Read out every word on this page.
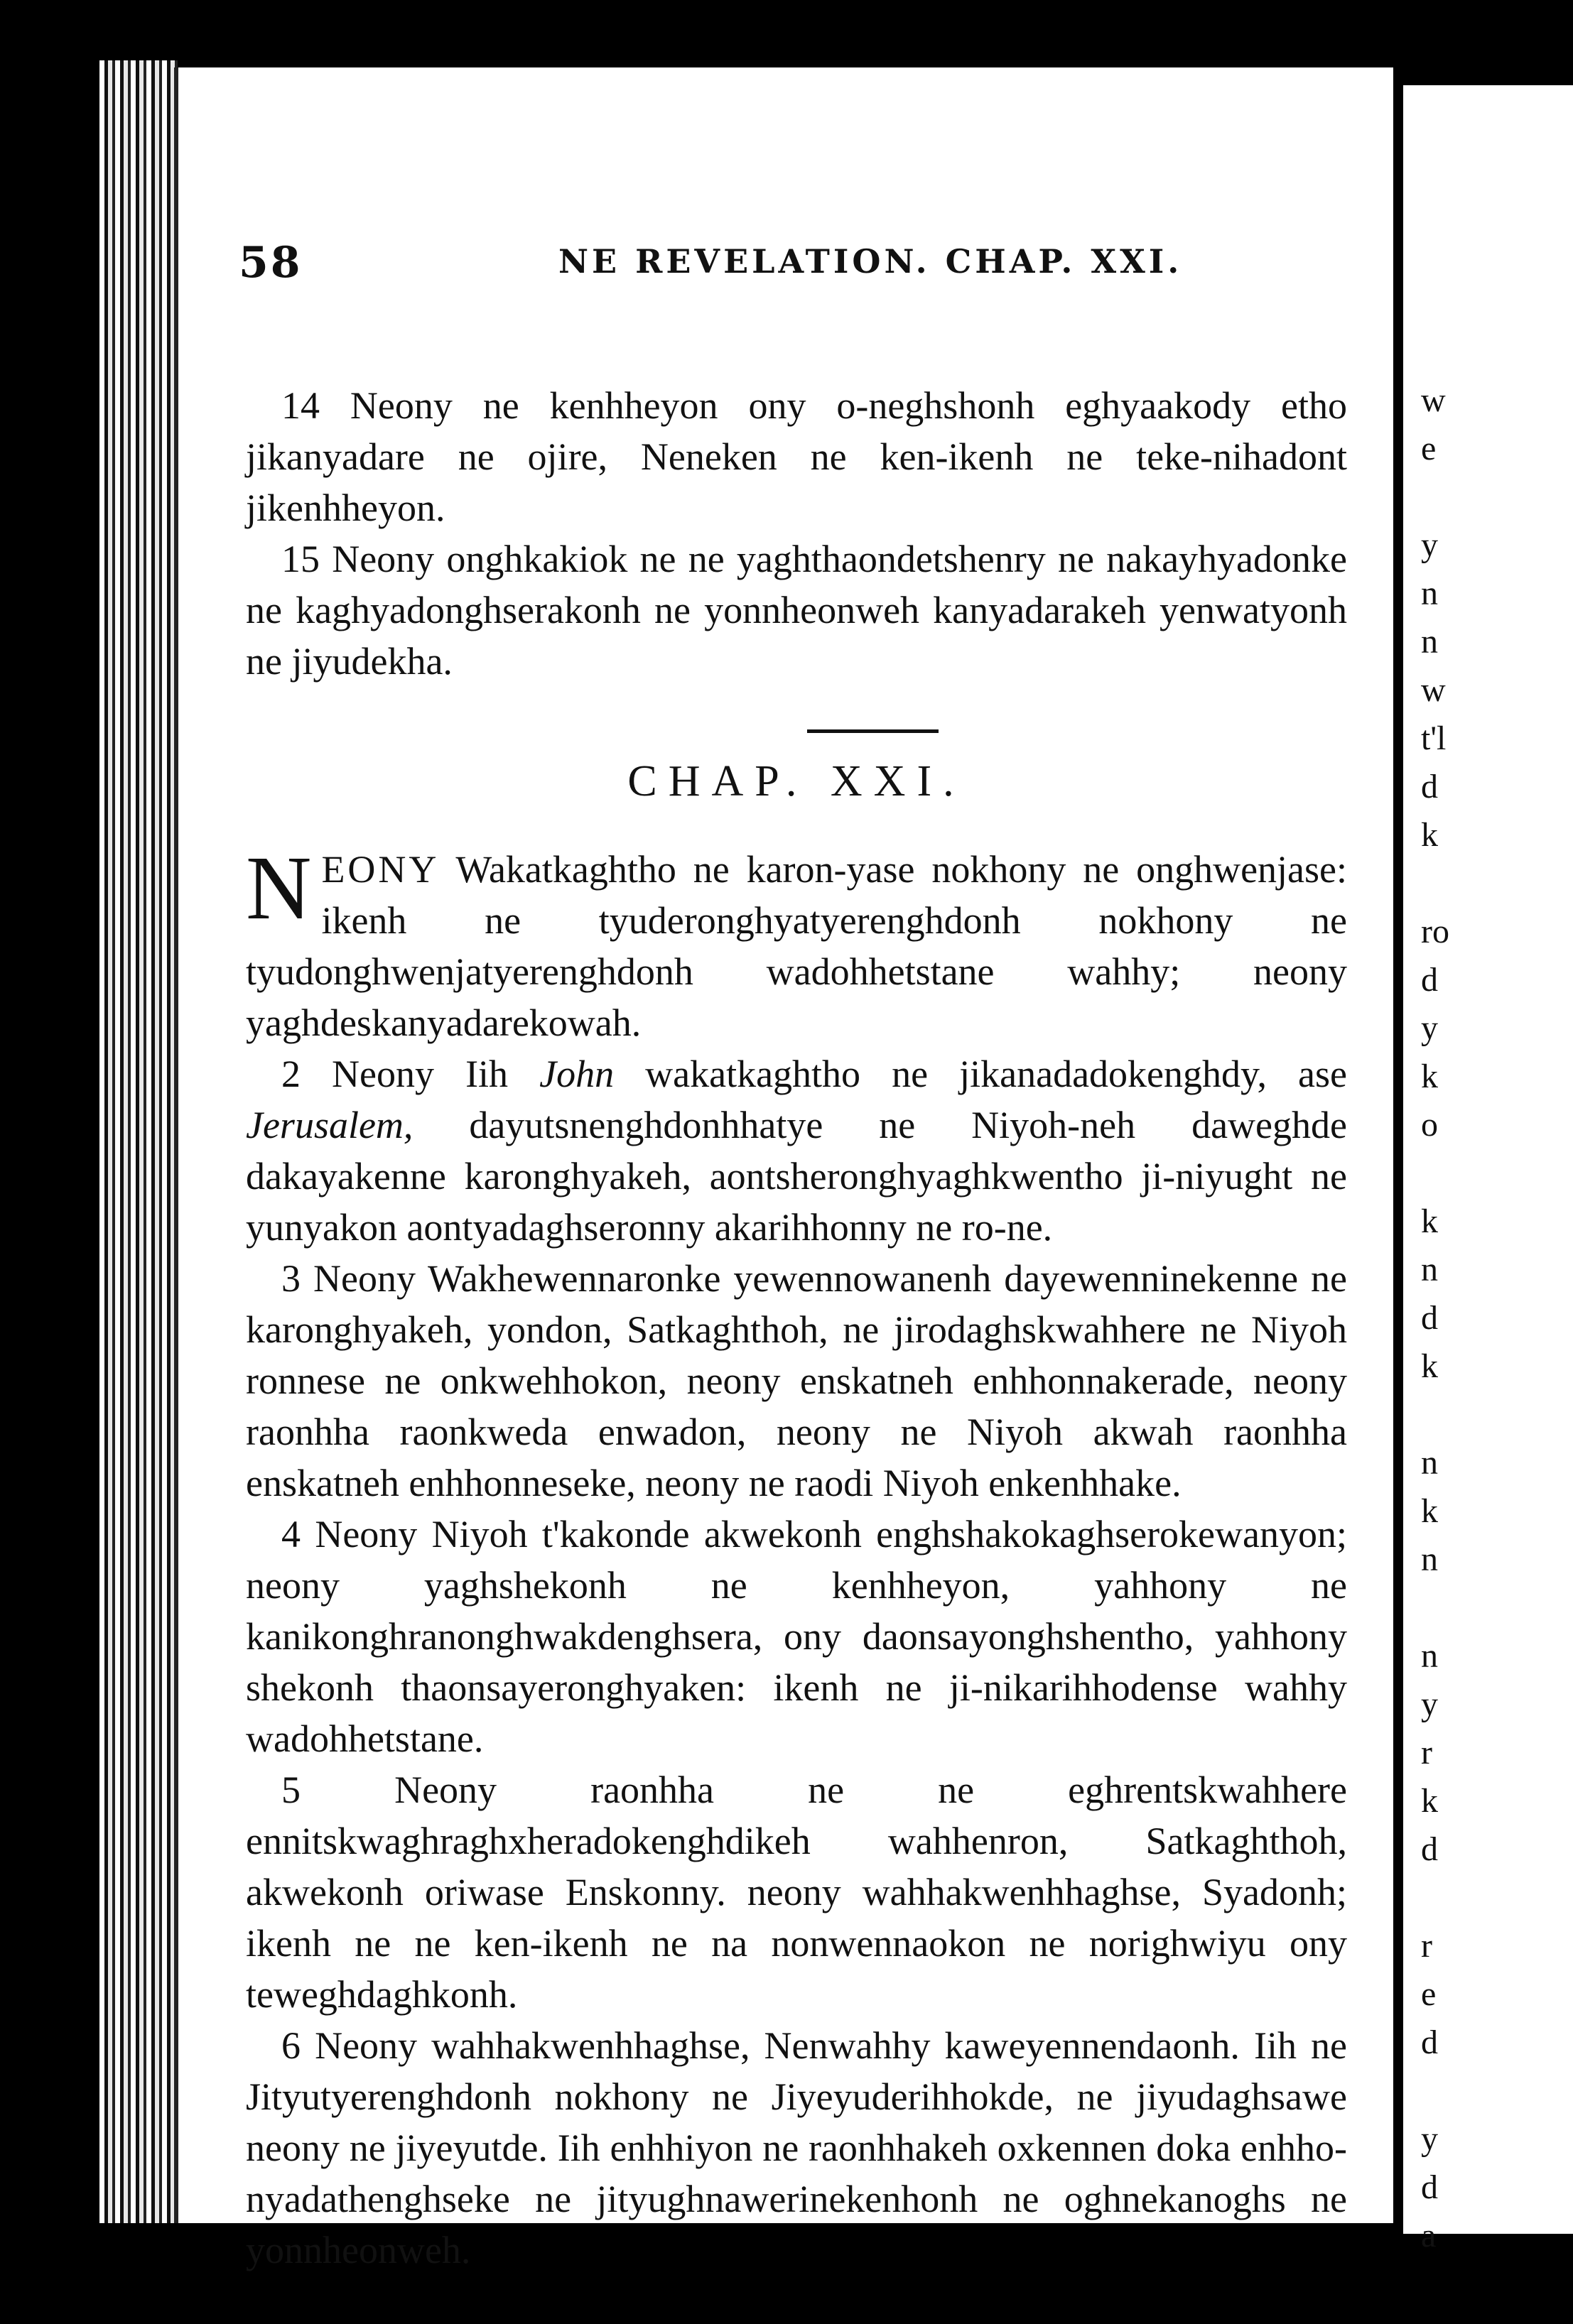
58	NE REVELATION. CHAP. XXI.

14 Neony ne kenhheyon ony o-neghshonh eghyaakody etho jikanyadare ne ojire, Neneken ne ken-ikenh ne teke-nihadont jikenhheyon.

15 Neony onghkakiok ne ne yaghthaondetshenry ne nakayhyadonke ne kaghyadonghserakonh ne yonnheonweh kanyadarakeh yenwatyonh ne jiyudekha.

CHAP. XXI.

NEONY Wakatkaghtho ne karon-yase nokhony ne onghwenjase: ikenh ne tyuderonghyatyerenghdonh nokhony ne tyudonghwenjatyerenghdonh wadohhetstane wahhy; neony yaghdeskanyadarekowah.

2 Neony Iih John wakatkaghtho ne jikanadadokenghdy, ase Jerusalem, dayutsnenghdonhhatye ne Niyoh-neh daweghde dakayakenne karonghyakeh, aontsheronghyaghkwentho ji-niyught ne yunyakon aontyadaghseronny akarihhonny ne ro-ne.

3 Neony Wakhewennaronke yewennowanenh dayewenninekenne ne karonghyakeh, yondon, Satkaghthoh, ne jirodaghskwahhere ne Niyoh ronnese ne onkwehhokon, neony enskatneh enhhonnakerade, neony raonhha raonkweda enwadon, neony ne Niyoh akwah raonhha enskatneh enhhonneseke, neony ne raodi Niyoh enkenhhake.

4 Neony Niyoh t'kakonde akwekonh enghshakokaghserokewanyon; neony yaghshekonh ne kenhheyon, yahhony ne kanikonghranonghwakdenghsera, ony daonsayonghshentho, yahhony shekonh thaonsayeronghyaken: ikenh ne ji-nikarihhodense wahhy wadohhetstane.

5 Neony raonhha ne ne eghrentskwahhere ennitskwaghraghxheradokenghdikeh wahhenron, Satkaghthoh, akwekonh oriwase Enskonny. neony wahhakwenhhaghse, Syadonh; ikenh ne ne ken-ikenh ne na nonwennaokon ne norighwiyu ony teweghdaghkonh.

6 Neony wahhakwenhhaghse, Nenwahhy kaweyennendaonh. Iih ne Jityutyerenghdonh nokhony ne Jiyeyuderihhokde, ne jiyudaghsawe neony ne jiyeyutde. Iih enhhiyon ne raonhhakeh oxkennen doka enhho-nyadathenghseke ne jityughnawerinekenhonh ne oghnekanoghs ne yonnheonweh.

w
e
y
n
n
w
t'l
d
k
ro
d
y
k
o
k
n
d
k
n
k
n
n
y
r
k
d
r
e
d
y
d
a
